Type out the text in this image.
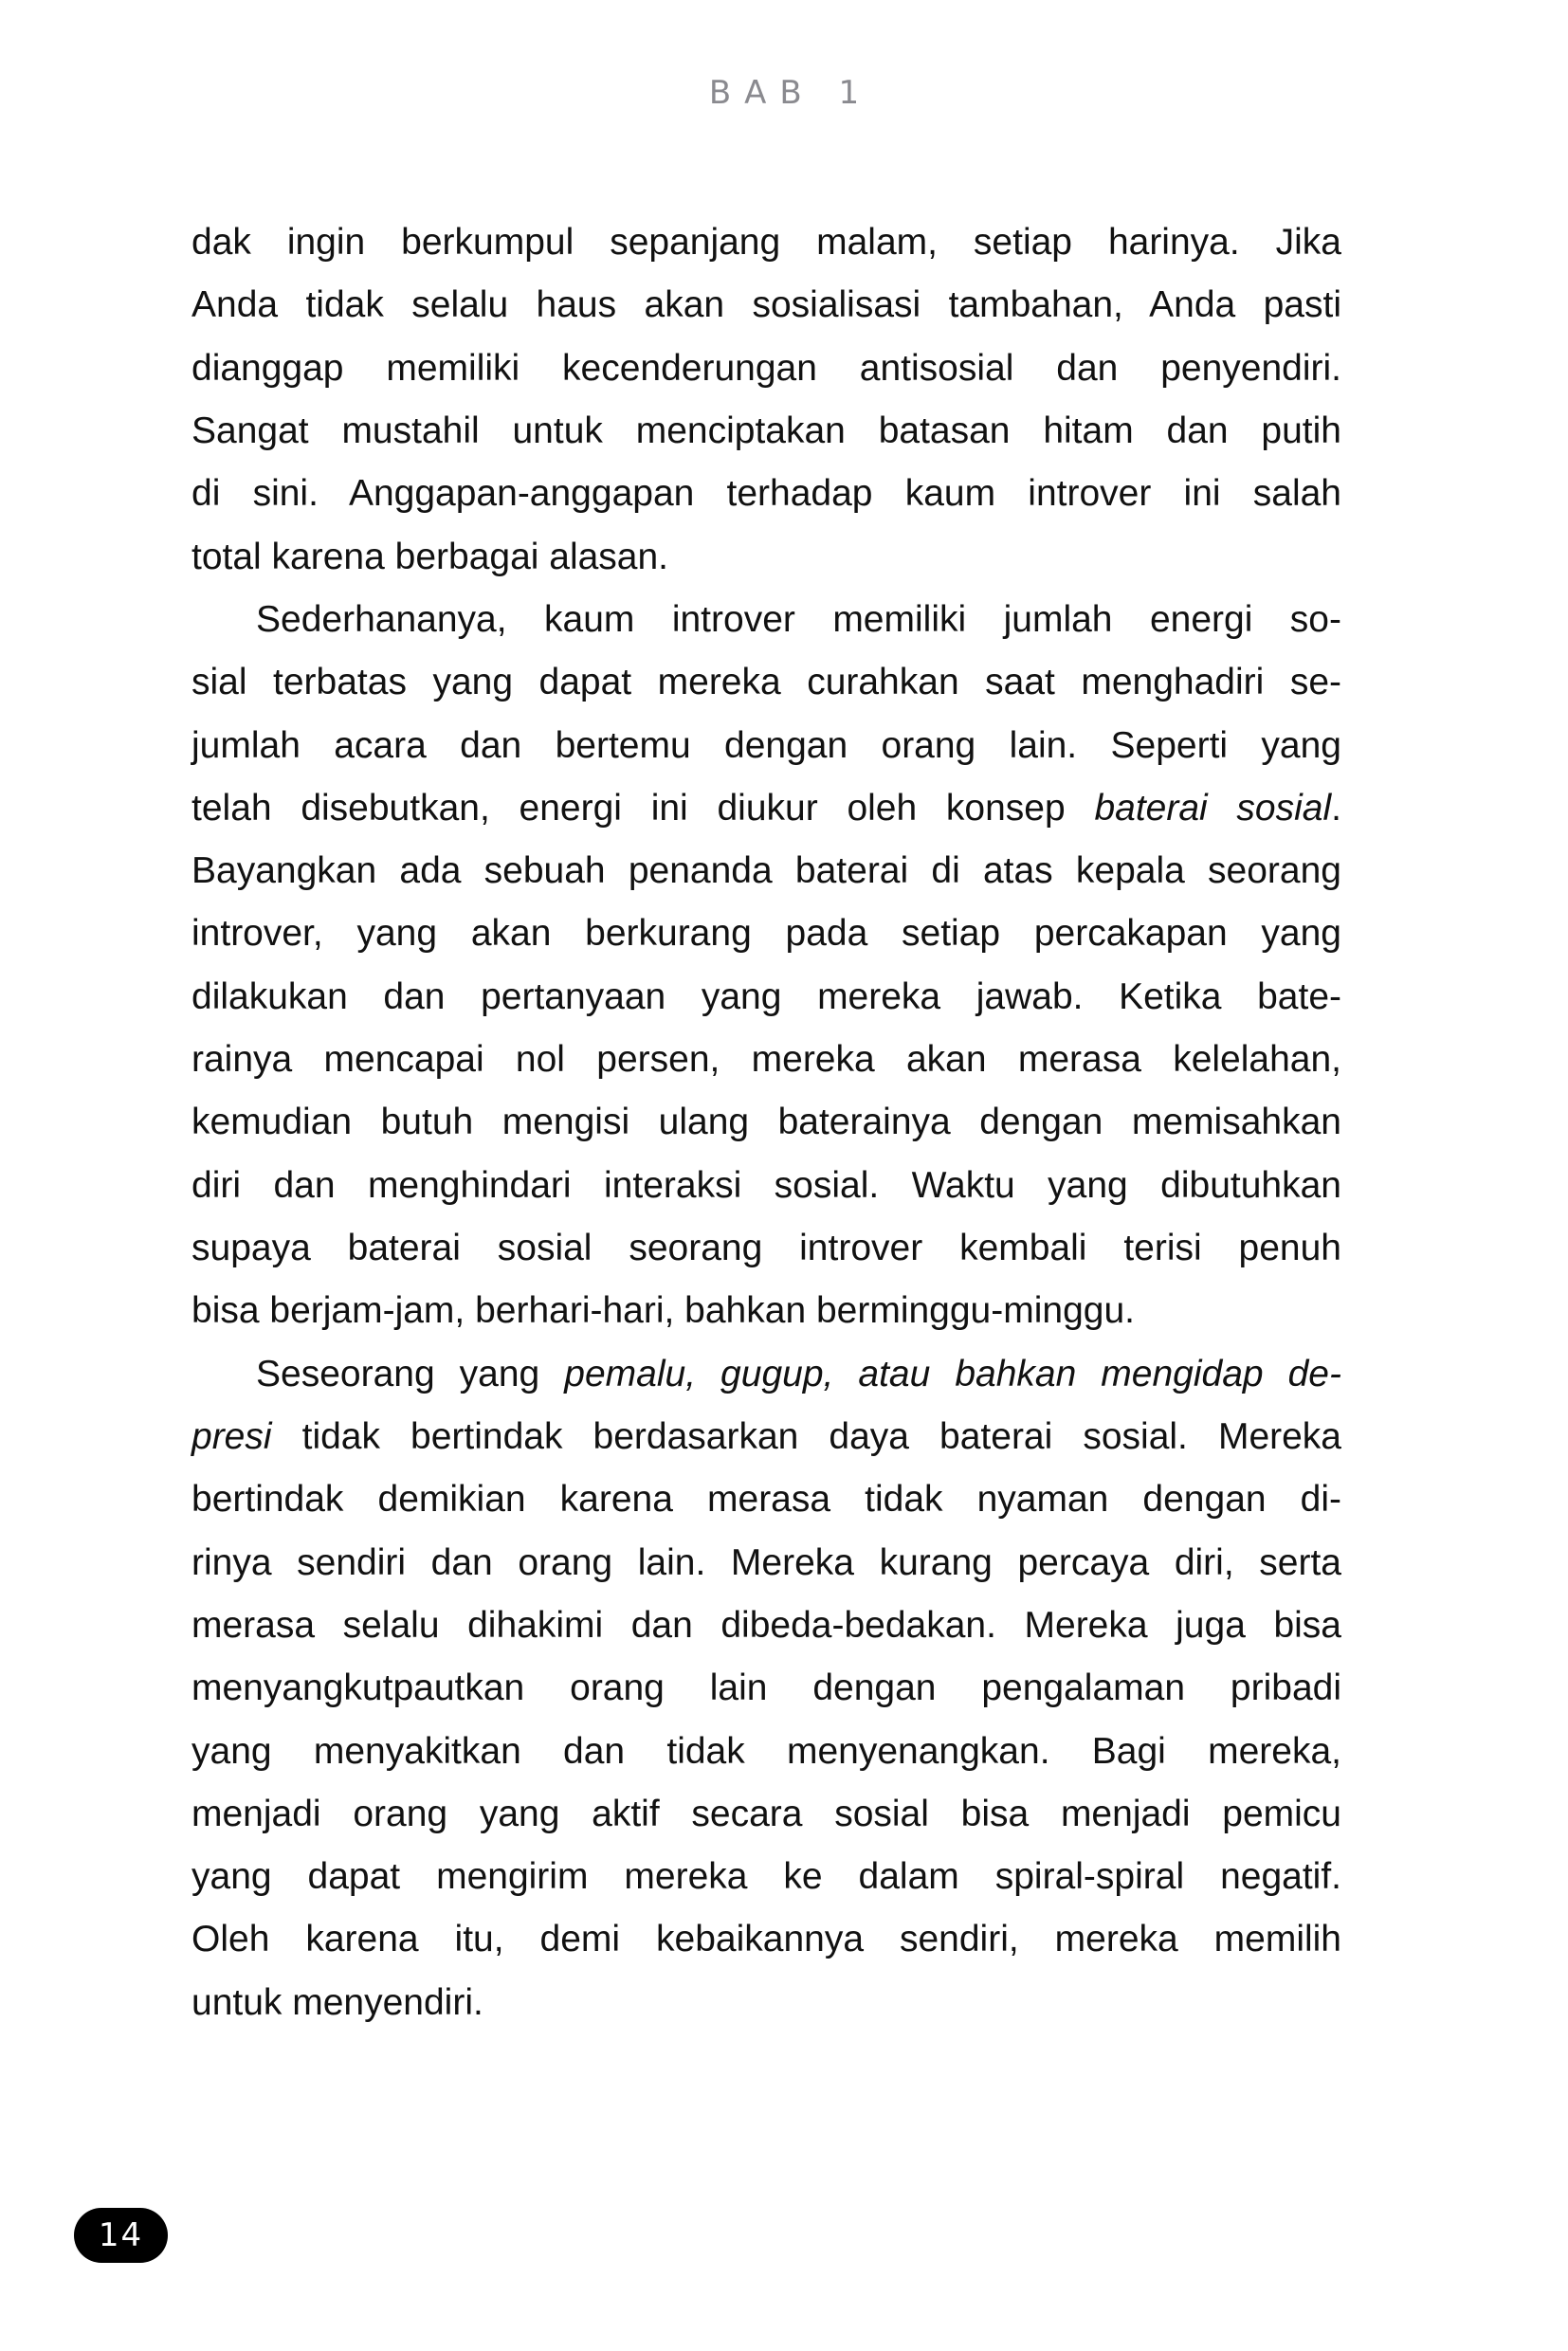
BAB 1
dak ingin berkumpul sepanjang malam, setiap harinya. Jika
Anda tidak selalu haus akan sosialisasi tambahan, Anda pasti
dianggap memiliki kecenderungan antisosial dan penyendiri.
Sangat mustahil untuk menciptakan batasan hitam dan putih
di sini. Anggapan-anggapan terhadap kaum introver ini salah
total karena berbagai alasan.
Sederhananya, kaum introver memiliki jumlah energi so-
sial terbatas yang dapat mereka curahkan saat menghadiri se-
jumlah acara dan bertemu dengan orang lain. Seperti yang
telah disebutkan, energi ini diukur oleh konsep baterai sosial.
Bayangkan ada sebuah penanda baterai di atas kepala seorang
introver, yang akan berkurang pada setiap percakapan yang
dilakukan dan pertanyaan yang mereka jawab. Ketika bate-
rainya mencapai nol persen, mereka akan merasa kelelahan,
kemudian butuh mengisi ulang baterainya dengan memisahkan
diri dan menghindari interaksi sosial. Waktu yang dibutuhkan
supaya baterai sosial seorang introver kembali terisi penuh
bisa berjam-jam, berhari-hari, bahkan berminggu-minggu.
Seseorang yang pemalu, gugup, atau bahkan mengidap de-
presi tidak bertindak berdasarkan daya baterai sosial. Mereka
bertindak demikian karena merasa tidak nyaman dengan di-
rinya sendiri dan orang lain. Mereka kurang percaya diri, serta
merasa selalu dihakimi dan dibeda-bedakan. Mereka juga bisa
menyangkutpautkan orang lain dengan pengalaman pribadi
yang menyakitkan dan tidak menyenangkan. Bagi mereka,
menjadi orang yang aktif secara sosial bisa menjadi pemicu
yang dapat mengirim mereka ke dalam spiral-spiral negatif.
Oleh karena itu, demi kebaikannya sendiri, mereka memilih
untuk menyendiri.
14
